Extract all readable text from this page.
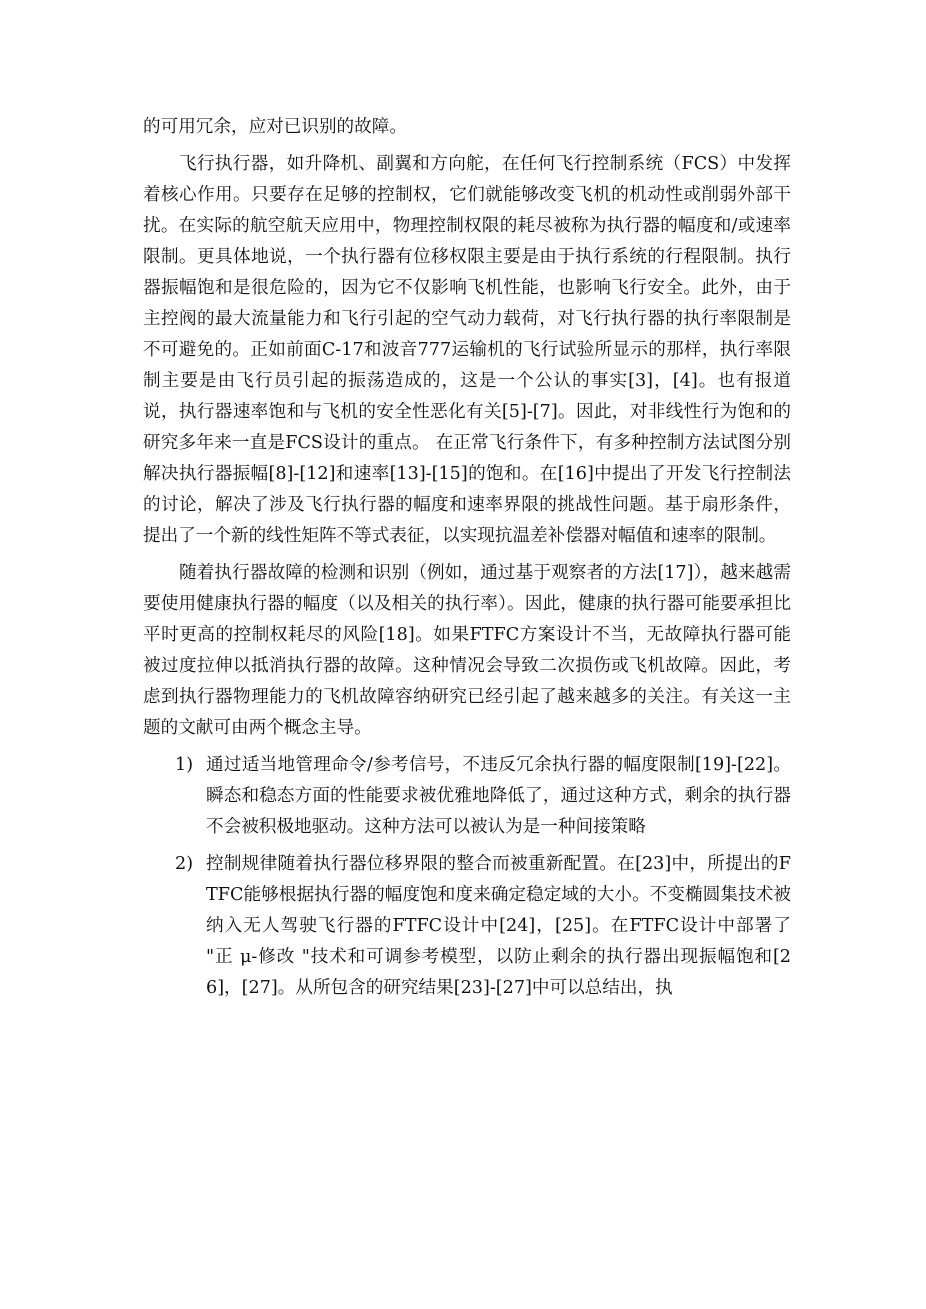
的可用冗余，应对已识别的故障。

飞行执行器，如升降机、副翼和方向舵，在任何飞行控制系统（FCS）中发挥着核心作用。只要存在足够的控制权，它们就能够改变飞机的机动性或削弱外部干扰。在实际的航空航天应用中，物理控制权限的耗尽被称为执行器的幅度和/或速率限制。更具体地说，一个执行器有位移权限主要是由于执行系统的行程限制。执行器振幅饱和是很危险的，因为它不仅影响飞机性能，也影响飞行安全。此外，由于主控阀的最大流量能力和飞行引起的空气动力载荷，对飞行执行器的执行率限制是不可避免的。正如前面C-17和波音777运输机的飞行试验所显示的那样，执行率限制主要是由飞行员引起的振荡造成的，这是一个公认的事实[3]，[4]。也有报道说，执行器速率饱和与飞机的安全性恶化有关[5]-[7]。因此，对非线性行为饱和的研究多年来一直是FCS设计的重点。 在正常飞行条件下，有多种控制方法试图分别解决执行器振幅[8]-[12]和速率[13]-[15]的饱和。在[16]中提出了开发飞行控制法的讨论，解决了涉及飞行执行器的幅度和速率界限的挑战性问题。基于扇形条件，提出了一个新的线性矩阵不等式表征，以实现抗温差补偿器对幅值和速率的限制。

随着执行器故障的检测和识别（例如，通过基于观察者的方法[17]），越来越需要使用健康执行器的幅度（以及相关的执行率）。因此，健康的执行器可能要承担比平时更高的控制权耗尽的风险[18]。如果FTFC方案设计不当，无故障执行器可能被过度拉伸以抵消执行器的故障。这种情况会导致二次损伤或飞机故障。因此，考虑到执行器物理能力的飞机故障容纳研究已经引起了越来越多的关注。有关这一主题的文献可由两个概念主导。

1) 通过适当地管理命令/参考信号，不违反冗余执行器的幅度限制[19]-[22]。瞬态和稳态方面的性能要求被优雅地降低了，通过这种方式，剩余的执行器不会被积极地驱动。这种方法可以被认为是一种间接策略

2) 控制规律随着执行器位移界限的整合而被重新配置。在[23]中，所提出的FTFC能够根据执行器的幅度饱和度来确定稳定域的大小。不变椭圆集技术被纳入无人驾驶飞行器的FTFC设计中[24]，[25]。在FTFC设计中部署了 "正 μ-修改 "技术和可调参考模型，以防止剩余的执行器出现振幅饱和[26]，[27]。从所包含的研究结果[23]-[27]中可以总结出，执
